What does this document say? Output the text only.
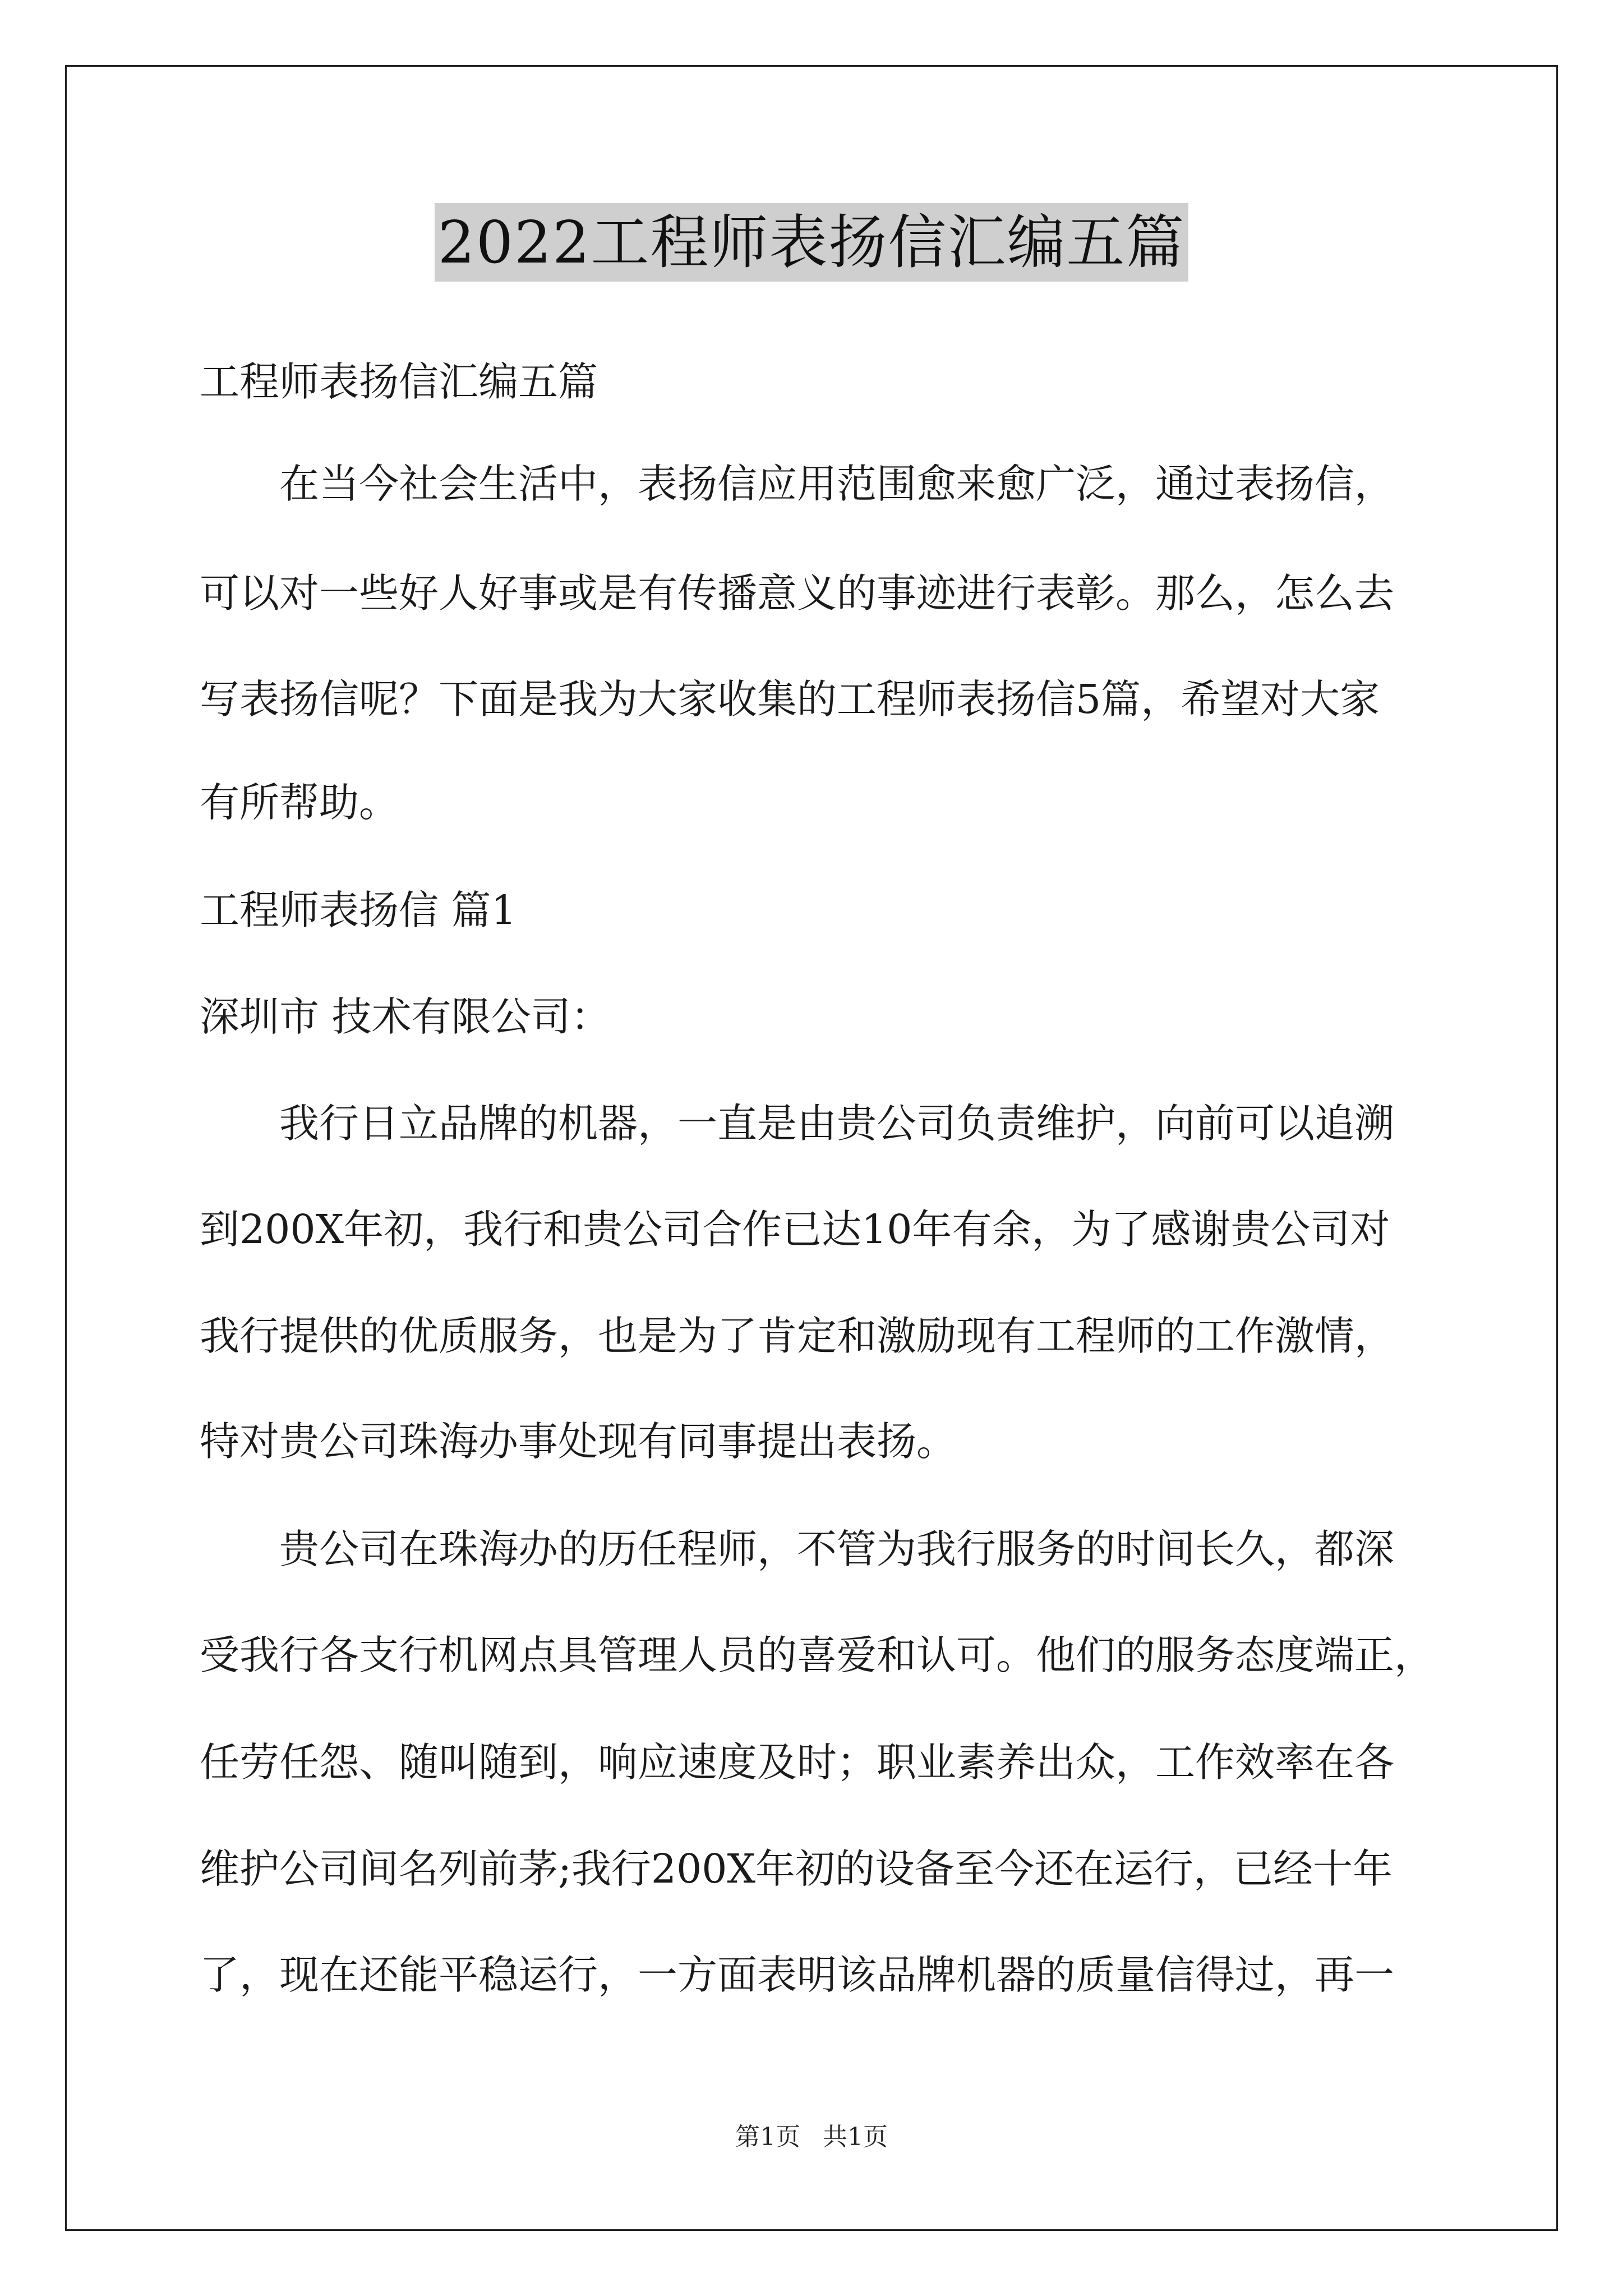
2022工程师表扬信汇编五篇
工程师表扬信汇编五篇
　　在当今社会生活中，表扬信应用范围愈来愈广泛，通过表扬信，
可以对一些好人好事或是有传播意义的事迹进行表彰。那么，怎么去
写表扬信呢？下面是我为大家收集的工程师表扬信5篇，希望对大家
有所帮助。
工程师表扬信 篇1
深圳市 技术有限公司：
　　我行日立品牌的机器，一直是由贵公司负责维护，向前可以追溯
到200X年初，我行和贵公司合作已达10年有余，为了感谢贵公司对
我行提供的优质服务，也是为了肯定和激励现有工程师的工作激情，
特对贵公司珠海办事处现有同事提出表扬。
　　贵公司在珠海办的历任程师，不管为我行服务的时间长久，都深
受我行各支行机网点具管理人员的喜爱和认可。他们的服务态度端正，
任劳任怨、随叫随到，响应速度及时；职业素养出众，工作效率在各
维护公司间名列前茅;我行200X年初的设备至今还在运行，已经十年
了，现在还能平稳运行，一方面表明该品牌机器的质量信得过，再一
第1页 共1页
